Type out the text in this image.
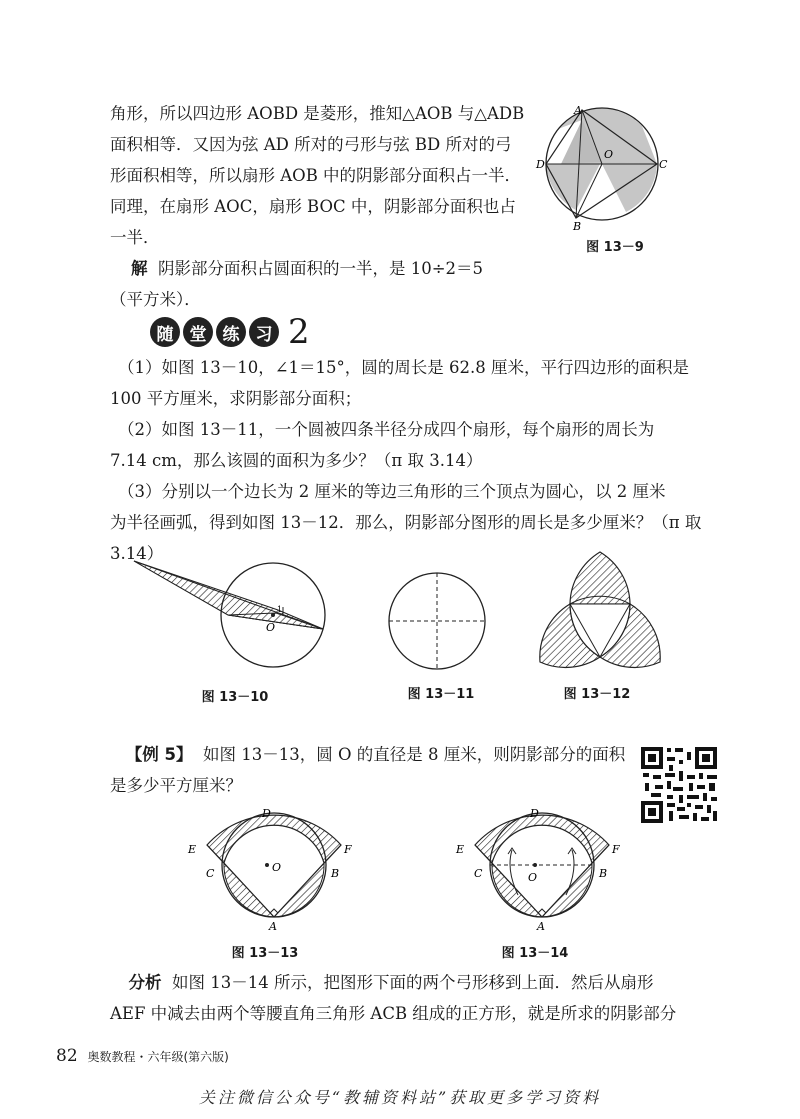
角形，所以四边形 AOBD 是菱形，推知△AOB 与△ADB
面积相等．又因为弦 AD 所对的弓形与弦 BD 所对的弓
形面积相等，所以扇形 AOB 中的阴影部分面积占一半．
同理，在扇形 AOC，扇形 BOC 中，阴影部分面积也占
一半．

解 阴影部分面积占圆面积的一半，是 10÷2＝5
（平方米）．

A
D	C
O
B
图 13－9
随 堂 练 习 2

（1）如图 13－10，∠1＝15°，圆的周长是 62.8 厘米，平行四边形的面积是
100 平方厘米，求阴影部分面积；

（2）如图 13－11，一个圆被四条半径分成四个扇形，每个扇形的周长为
7.14 cm，那么该圆的面积为多少？（π 取 3.14）

（3）分别以一个边长为 2 厘米的等边三角形的三个顶点为圆心，以 2 厘米
为半径画弧，得到如图 13－12．那么，阴影部分图形的周长是多少厘米？（π 取
3.14）

O
1
图 13－10	图 13－11	图 13－12

【例 5】 如图 13－13，圆 O 的直径是 8 厘米，则阴影部分的面积
是多少平方厘米？

D
E	F
C	B
O
A
图 13－13
D
E	F
C	B
O
A
图 13－14

分析 如图 13－14 所示，把图形下面的两个弓形移到上面．然后从扇形
AEF 中减去由两个等腰直角三角形 ACB 组成的正方形，就是所求的阴影部分

82 奥数教程・六年级(第六版)
关注微信公众号“教辅资料站”获取更多学习资料
